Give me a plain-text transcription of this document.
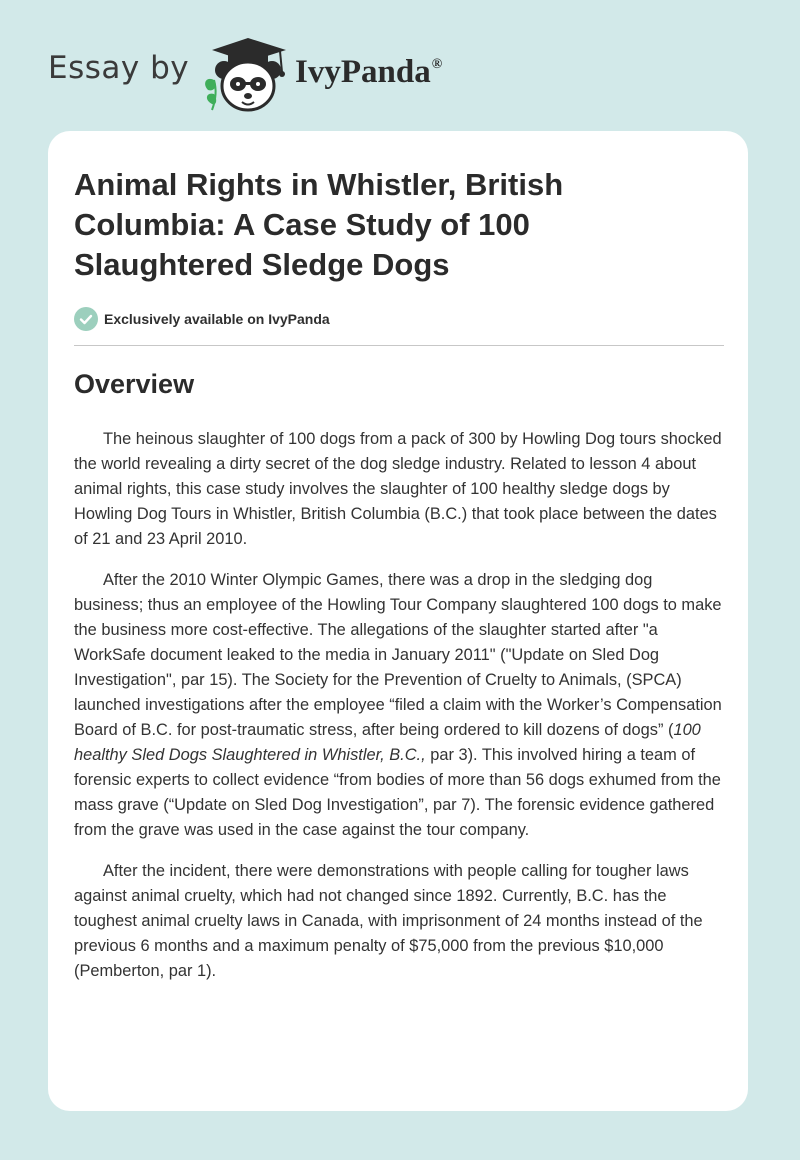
Essay by	IvyPanda®
Animal Rights in Whistler, British Columbia: A Case Study of 100 Slaughtered Sledge Dogs
Exclusively available on IvyPanda
Overview

The heinous slaughter of 100 dogs from a pack of 300 by Howling Dog tours shocked the world revealing a dirty secret of the dog sledge industry. Related to lesson 4 about animal rights, this case study involves the slaughter of 100 healthy sledge dogs by Howling Dog Tours in Whistler, British Columbia (B.C.) that took place between the dates of 21 and 23 April 2010.

After the 2010 Winter Olympic Games, there was a drop in the sledging dog business; thus an employee of the Howling Tour Company slaughtered 100 dogs to make the business more cost-effective. The allegations of the slaughter started after "a WorkSafe document leaked to the media in January 2011" ("Update on Sled Dog Investigation", par 15). The Society for the Prevention of Cruelty to Animals, (SPCA) launched investigations after the employee “filed a claim with the Worker’s Compensation Board of B.C. for post-traumatic stress, after being ordered to kill dozens of dogs” (100 healthy Sled Dogs Slaughtered in Whistler, B.C., par 3). This involved hiring a team of forensic experts to collect evidence “from bodies of more than 56 dogs exhumed from the mass grave (“Update on Sled Dog Investigation”, par 7). The forensic evidence gathered from the grave was used in the case against the tour company.

After the incident, there were demonstrations with people calling for tougher laws against animal cruelty, which had not changed since 1892. Currently, B.C. has the toughest animal cruelty laws in Canada, with imprisonment of 24 months instead of the previous 6 months and a maximum penalty of $75,000 from the previous $10,000 (Pemberton, par 1).
